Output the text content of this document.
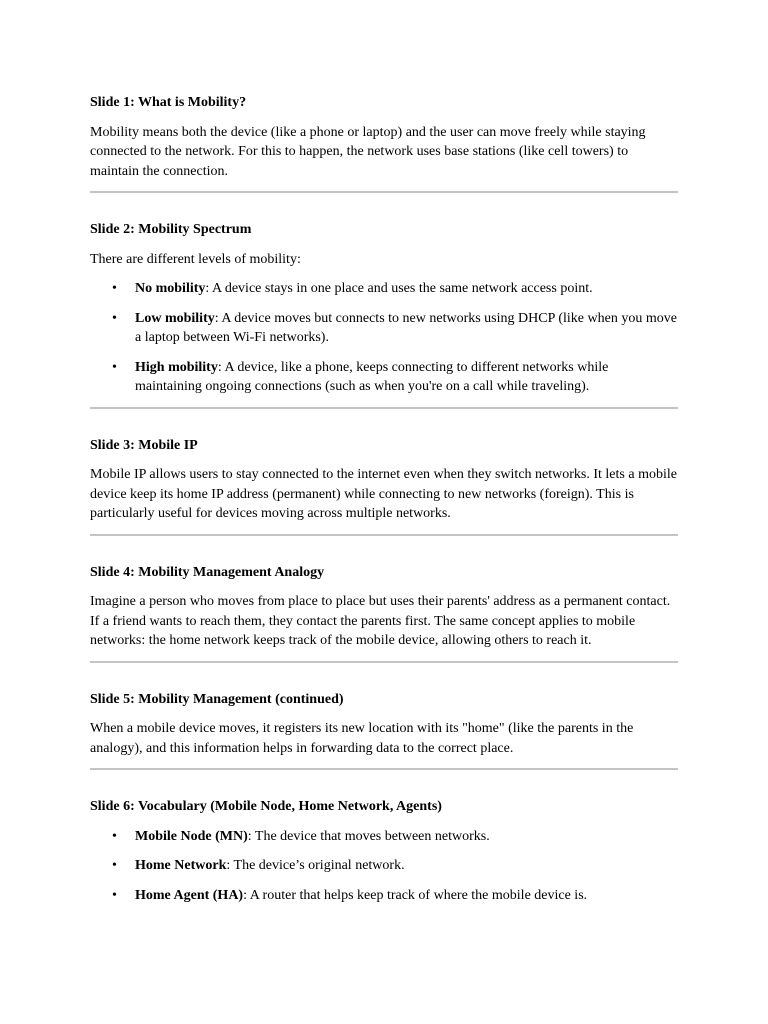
Slide 1: What is Mobility?

Mobility means both the device (like a phone or laptop) and the user can move freely while staying connected to the network. For this to happen, the network uses base stations (like cell towers) to maintain the connection.

Slide 2: Mobility Spectrum

There are different levels of mobility:

• No mobility: A device stays in one place and uses the same network access point.
• Low mobility: A device moves but connects to new networks using DHCP (like when you move a laptop between Wi-Fi networks).
• High mobility: A device, like a phone, keeps connecting to different networks while maintaining ongoing connections (such as when you're on a call while traveling).
Slide 3: Mobile IP

Mobile IP allows users to stay connected to the internet even when they switch networks. It lets a mobile device keep its home IP address (permanent) while connecting to new networks (foreign). This is particularly useful for devices moving across multiple networks.

Slide 4: Mobility Management Analogy

Imagine a person who moves from place to place but uses their parents' address as a permanent contact. If a friend wants to reach them, they contact the parents first. The same concept applies to mobile networks: the home network keeps track of the mobile device, allowing others to reach it.

Slide 5: Mobility Management (continued)

When a mobile device moves, it registers its new location with its "home" (like the parents in the analogy), and this information helps in forwarding data to the correct place.

Slide 6: Vocabulary (Mobile Node, Home Network, Agents)
• Mobile Node (MN): The device that moves between networks.
• Home Network: The device’s original network.
• Home Agent (HA): A router that helps keep track of where the mobile device is.
